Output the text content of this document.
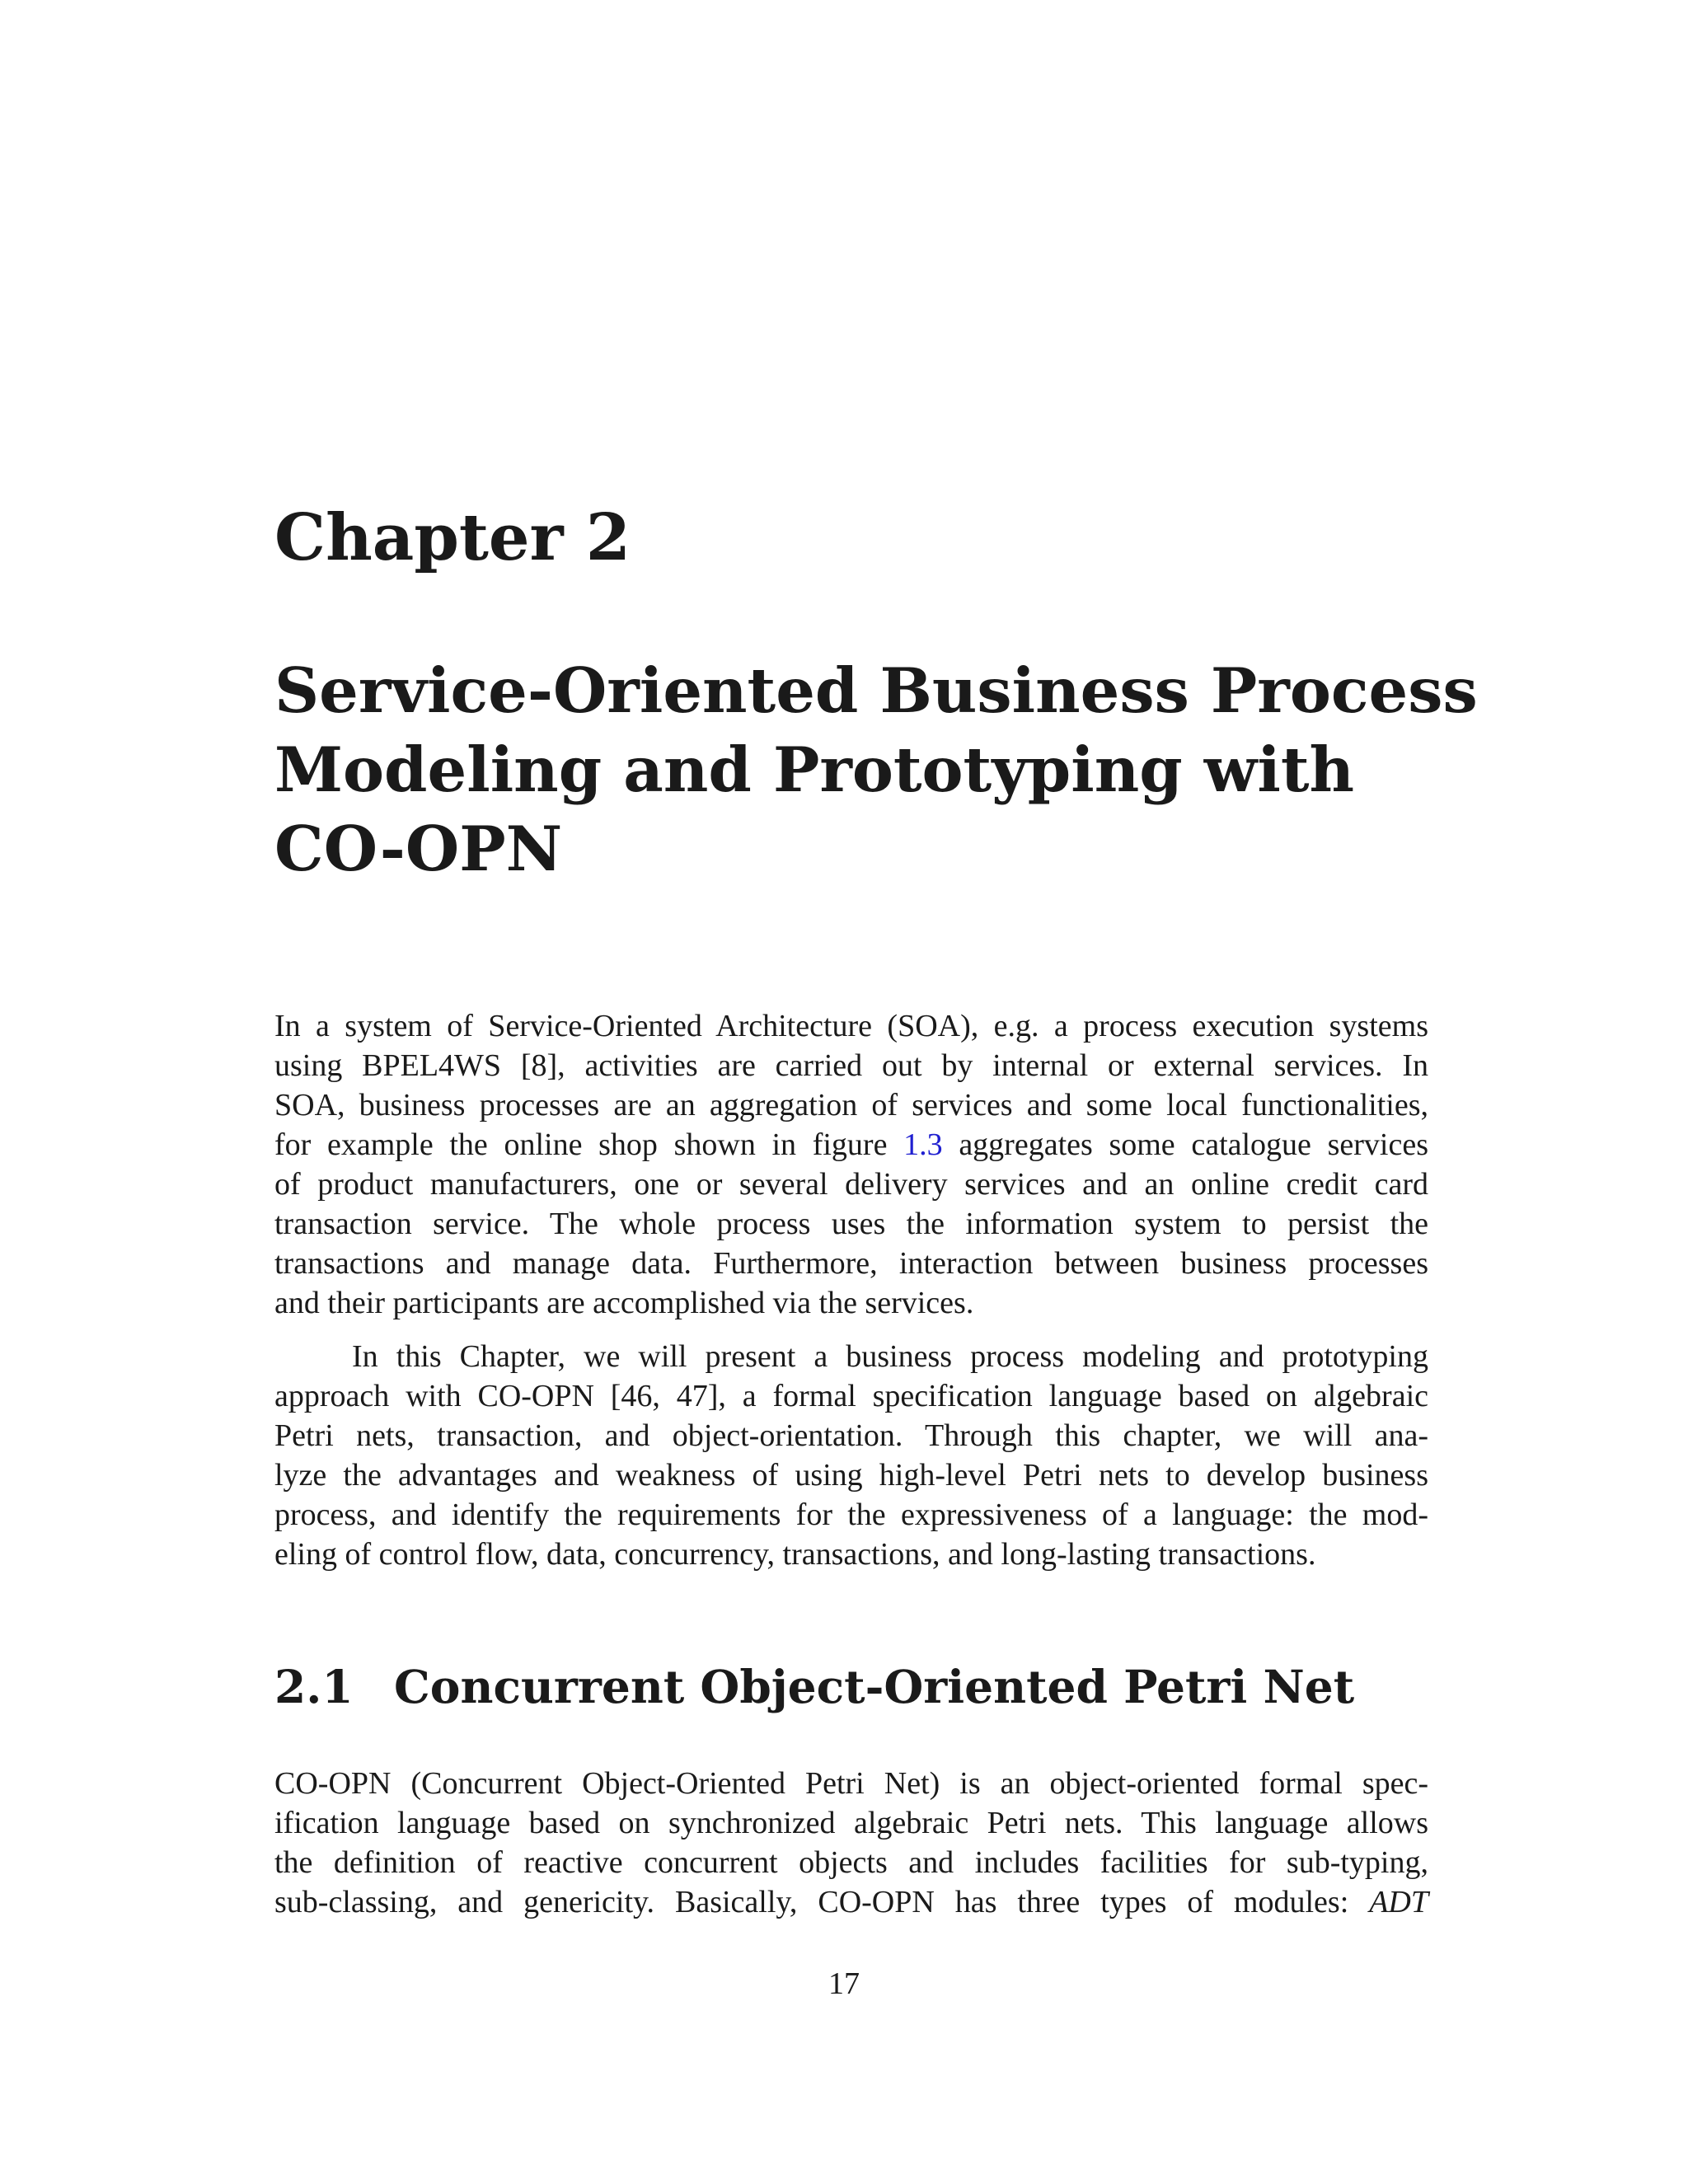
Chapter 2
Service-Oriented Business Process
Modeling and Prototyping with
CO-OPN

In a system of Service-Oriented Architecture (SOA), e.g. a process execution systems
using BPEL4WS [8], activities are carried out by internal or external services. In
SOA, business processes are an aggregation of services and some local functionalities,
for example the online shop shown in figure 1.3 aggregates some catalogue services
of product manufacturers, one or several delivery services and an online credit card
transaction service. The whole process uses the information system to persist the
transactions and manage data. Furthermore, interaction between business processes
and their participants are accomplished via the services.

In this Chapter, we will present a business process modeling and prototyping
approach with CO-OPN [46, 47], a formal specification language based on algebraic
Petri nets, transaction, and object-orientation. Through this chapter, we will ana-
lyze the advantages and weakness of using high-level Petri nets to develop business
process, and identify the requirements for the expressiveness of a language: the mod-
eling of control flow, data, concurrency, transactions, and long-lasting transactions.

2.1 Concurrent Object-Oriented Petri Net

CO-OPN (Concurrent Object-Oriented Petri Net) is an object-oriented formal spec-
ification language based on synchronized algebraic Petri nets. This language allows
the definition of reactive concurrent objects and includes facilities for sub-typing,
sub-classing, and genericity. Basically, CO-OPN has three types of modules: ADT

17
